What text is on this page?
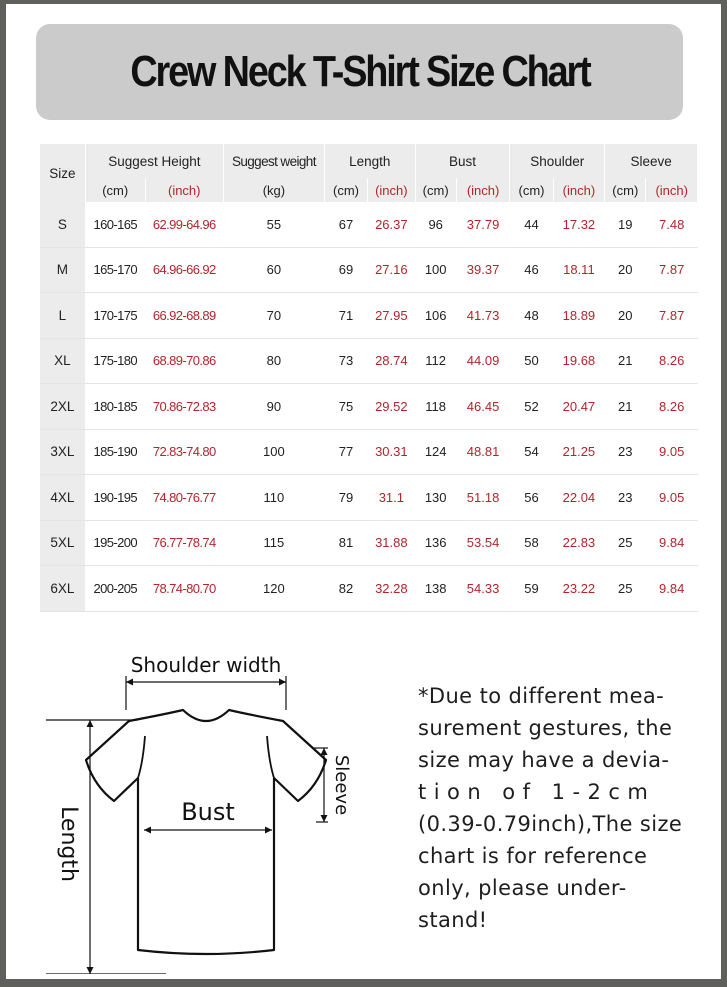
Crew Neck T-Shirt Size Chart
Size	Suggest Height		Suggest weight	Length		Bust		Shoulder		Sleeve	
	(cm)	(inch)	(kg)	(cm)	(inch)	(cm)	(inch)	(cm)	(inch)	(cm)	(inch)
S	160-165	62.99-64.96	55	67	26.37	96	37.79	44	17.32	19	7.48
M	165-170	64.96-66.92	60	69	27.16	100	39.37	46	18.11	20	7.87
L	170-175	66.92-68.89	70	71	27.95	106	41.73	48	18.89	20	7.87
XL	175-180	68.89-70.86	80	73	28.74	112	44.09	50	19.68	21	8.26
2XL	180-185	70.86-72.83	90	75	29.52	118	46.45	52	20.47	21	8.26
3XL	185-190	72.83-74.80	100	77	30.31	124	48.81	54	21.25	23	9.05
4XL	190-195	74.80-76.77	110	79	31.1	130	51.18	56	22.04	23	9.05
5XL	195-200	76.77-78.74	115	81	31.88	136	53.54	58	22.83	25	9.84
6XL	200-205	78.74-80.70	120	82	32.28	138	54.33	59	23.22	25	9.84
Shoulder width
Length	Bust	Sleeve

*Due to different mea-

surement gestures, the

size may have a devia-

t i o n   o f   1 - 2 c m

(0.39-0.79inch),The size

chart is for reference

only, please under-

stand!
